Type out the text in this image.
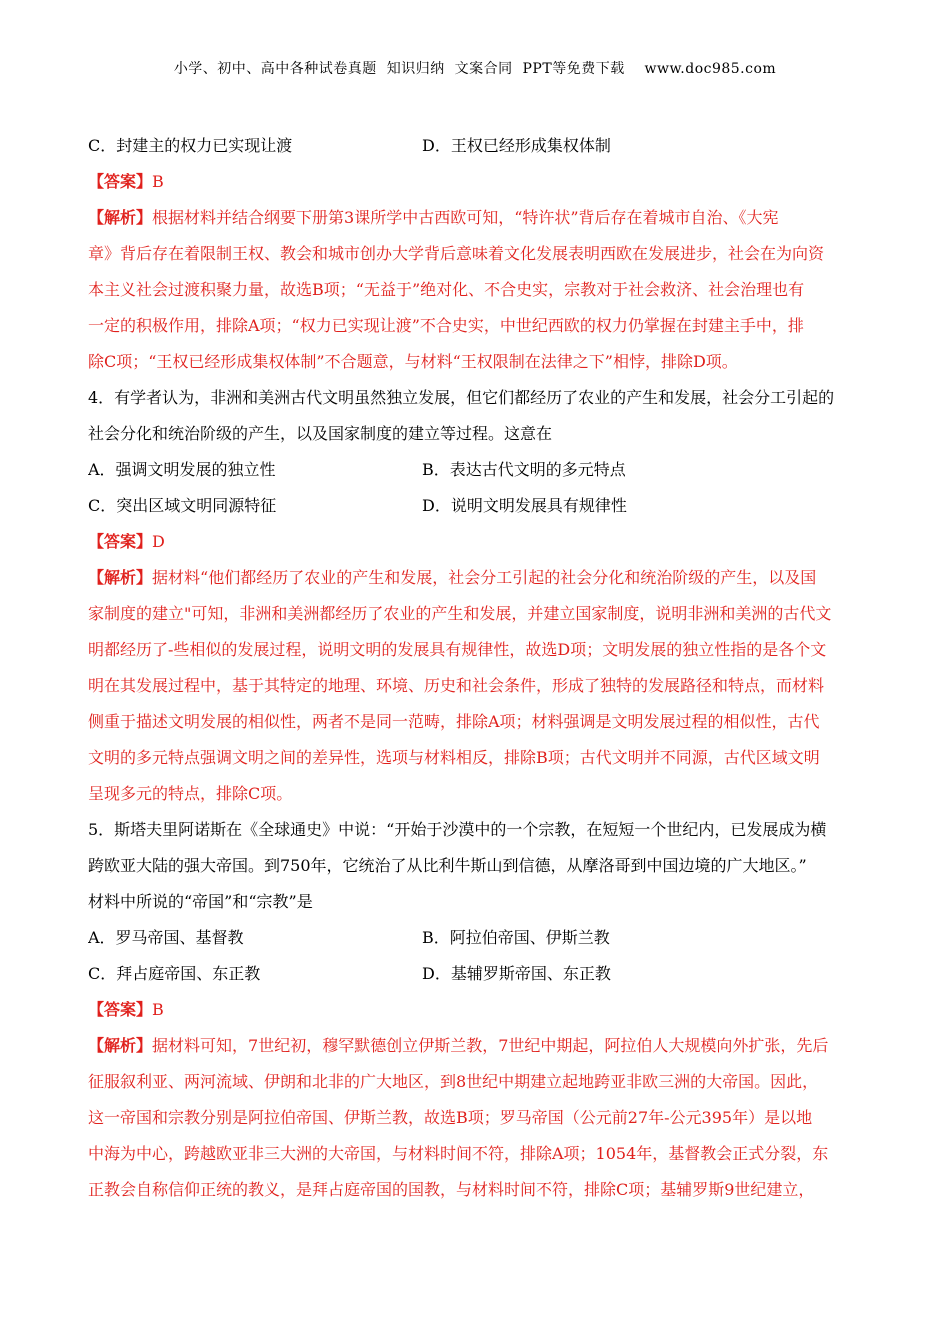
小学、初中、高中各种试卷真题  知识归纳  文案合同  PPT等免费下载    www.doc985.com
C．封建主的权力已实现让渡	D．王权已经形成集权体制
【答案】B
【解析】根据材料并结合纲要下册第3课所学中古西欧可知，“特许状”背后存在着城市自治、《大宪
章》背后存在着限制王权、教会和城市创办大学背后意味着文化发展表明西欧在发展进步，社会在为向资
本主义社会过渡积聚力量，故选B项；“无益于”绝对化、不合史实，宗教对于社会救济、社会治理也有
一定的积极作用，排除A项；“权力已实现让渡”不合史实，中世纪西欧的权力仍掌握在封建主手中，排
除C项；“王权已经形成集权体制”不合题意，与材料“王权限制在法律之下”相悖，排除D项。
4．有学者认为，非洲和美洲古代文明虽然独立发展，但它们都经历了农业的产生和发展，社会分工引起的
社会分化和统治阶级的产生，以及国家制度的建立等过程。这意在
A．强调文明发展的独立性	B．表达古代文明的多元特点
C．突出区域文明同源特征	D．说明文明发展具有规律性
【答案】D
【解析】据材料“他们都经历了农业的产生和发展，社会分工引起的社会分化和统治阶级的产生，以及国
家制度的建立"可知，非洲和美洲都经历了农业的产生和发展，并建立国家制度，说明非洲和美洲的古代文
明都经历了-些相似的发展过程，说明文明的发展具有规律性，故选D项；文明发展的独立性指的是各个文
明在其发展过程中，基于其特定的地理、环境、历史和社会条件，形成了独特的发展路径和特点，而材料
侧重于描述文明发展的相似性，两者不是同一范畴，排除A项；材料强调是文明发展过程的相似性，古代
文明的多元特点强调文明之间的差异性，选项与材料相反，排除B项；古代文明并不同源，古代区域文明
呈现多元的特点，排除C项。
5．斯塔夫里阿诺斯在《全球通史》中说：“开始于沙漠中的一个宗教，在短短一个世纪内，已发展成为横
跨欧亚大陆的强大帝国。到750年，它统治了从比利牛斯山到信德，从摩洛哥到中国边境的广大地区。”
材料中所说的“帝国”和“宗教”是
A．罗马帝国、基督教	B．阿拉伯帝国、伊斯兰教
C．拜占庭帝国、东正教	D．基辅罗斯帝国、东正教
【答案】B
【解析】据材料可知，7世纪初，穆罕默德创立伊斯兰教，7世纪中期起，阿拉伯人大规模向外扩张，先后
征服叙利亚、两河流域、伊朗和北非的广大地区，到8世纪中期建立起地跨亚非欧三洲的大帝国。因此，
这一帝国和宗教分别是阿拉伯帝国、伊斯兰教，故选B项；罗马帝国（公元前27年-公元395年）是以地
中海为中心，跨越欧亚非三大洲的大帝国，与材料时间不符，排除A项；1054年，基督教会正式分裂，东
正教会自称信仰正统的教义，是拜占庭帝国的国教，与材料时间不符，排除C项；基辅罗斯9世纪建立，
